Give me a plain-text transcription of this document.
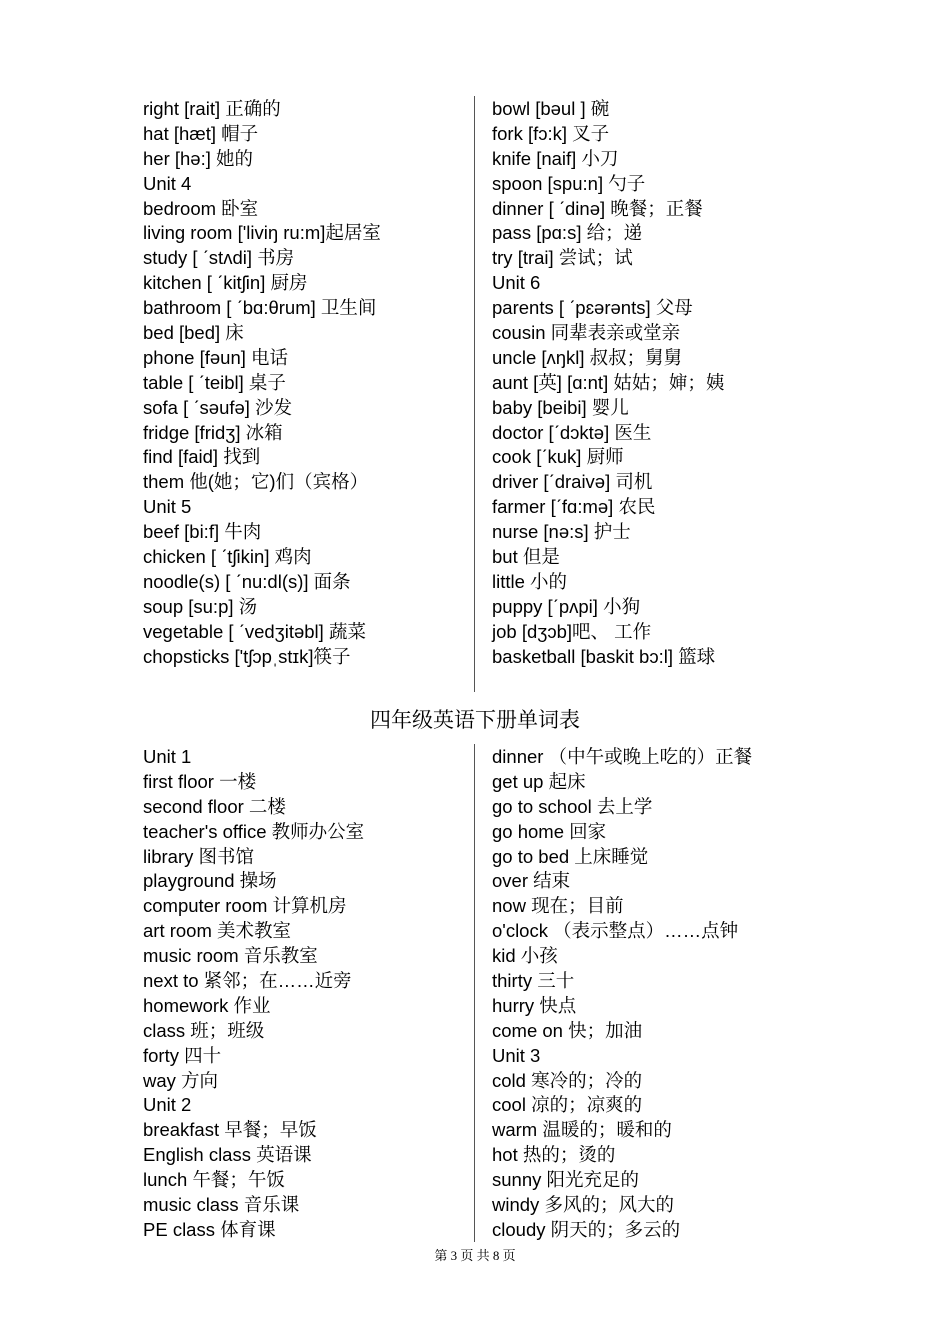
right [rait] 正确的
hat [hæt] 帽子
her [hə:] 她的
Unit 4
bedroom 卧室
living room ['liviŋ ru:m]起居室
study [ ˊstʌdi] 书房
kitchen [ ˊkitʃin] 厨房
bathroom [ ˊbɑ:θrum] 卫生间
bed [bed] 床
phone [fəun] 电话
table [ ˊteibl] 桌子
sofa [ ˊsəufə] 沙发
fridge [fridʒ] 冰箱
find [faid] 找到
them 他(她；它)们（宾格）
Unit 5
beef [bi:f] 牛肉
chicken [ ˊtʃikin] 鸡肉
noodle(s) [ ˊnu:dl(s)] 面条
soup [su:p] 汤
vegetable [ ˊvedʒitəbl] 蔬菜
chopsticks ['tʃɔpˌstɪk]筷子
bowl [bəul ] 碗
fork [fɔ:k] 叉子
knife [naif] 小刀
spoon [spu:n] 勺子
dinner [ ˊdinə] 晚餐；正餐
pass [pɑ:s] 给；递
try [trai] 尝试；试
Unit 6
parents [ ˊpɛərənts] 父母
cousin 同辈表亲或堂亲
uncle [ʌŋkl] 叔叔；舅舅
aunt [英] [ɑ:nt] 姑姑；婶；姨
baby [beibi] 婴儿
doctor [ˊdɔktə] 医生
cook [ˊkuk] 厨师
driver [ˊdraivə] 司机
farmer [ˊfɑ:mə] 农民
nurse [nə:s] 护士
but 但是
little 小的
puppy [ˊpʌpi] 小狗
job [dʒɔb]吧、 工作
basketball [baskit bɔ:l] 篮球
四年级英语下册单词表
Unit 1
first floor 一楼
second floor 二楼
teacher's office 教师办公室
library 图书馆
playground 操场
computer room 计算机房
art room 美术教室
music room 音乐教室
next to 紧邻；在……近旁
homework 作业
class 班；班级
forty 四十
way 方向
Unit 2
breakfast 早餐；早饭
English class 英语课
lunch 午餐；午饭
music class 音乐课
PE class 体育课
dinner （中午或晚上吃的）正餐
get up 起床
go to school 去上学
go home 回家
go to bed 上床睡觉
over 结束
now 现在；目前
o'clock （表示整点）……点钟
kid 小孩
thirty 三十
hurry 快点
come on 快；加油
Unit 3
cold 寒冷的；冷的
cool 凉的；凉爽的
warm 温暖的；暖和的
hot 热的；烫的
sunny 阳光充足的
windy 多风的；风大的
cloudy 阴天的；多云的
第 3 页 共 8 页
